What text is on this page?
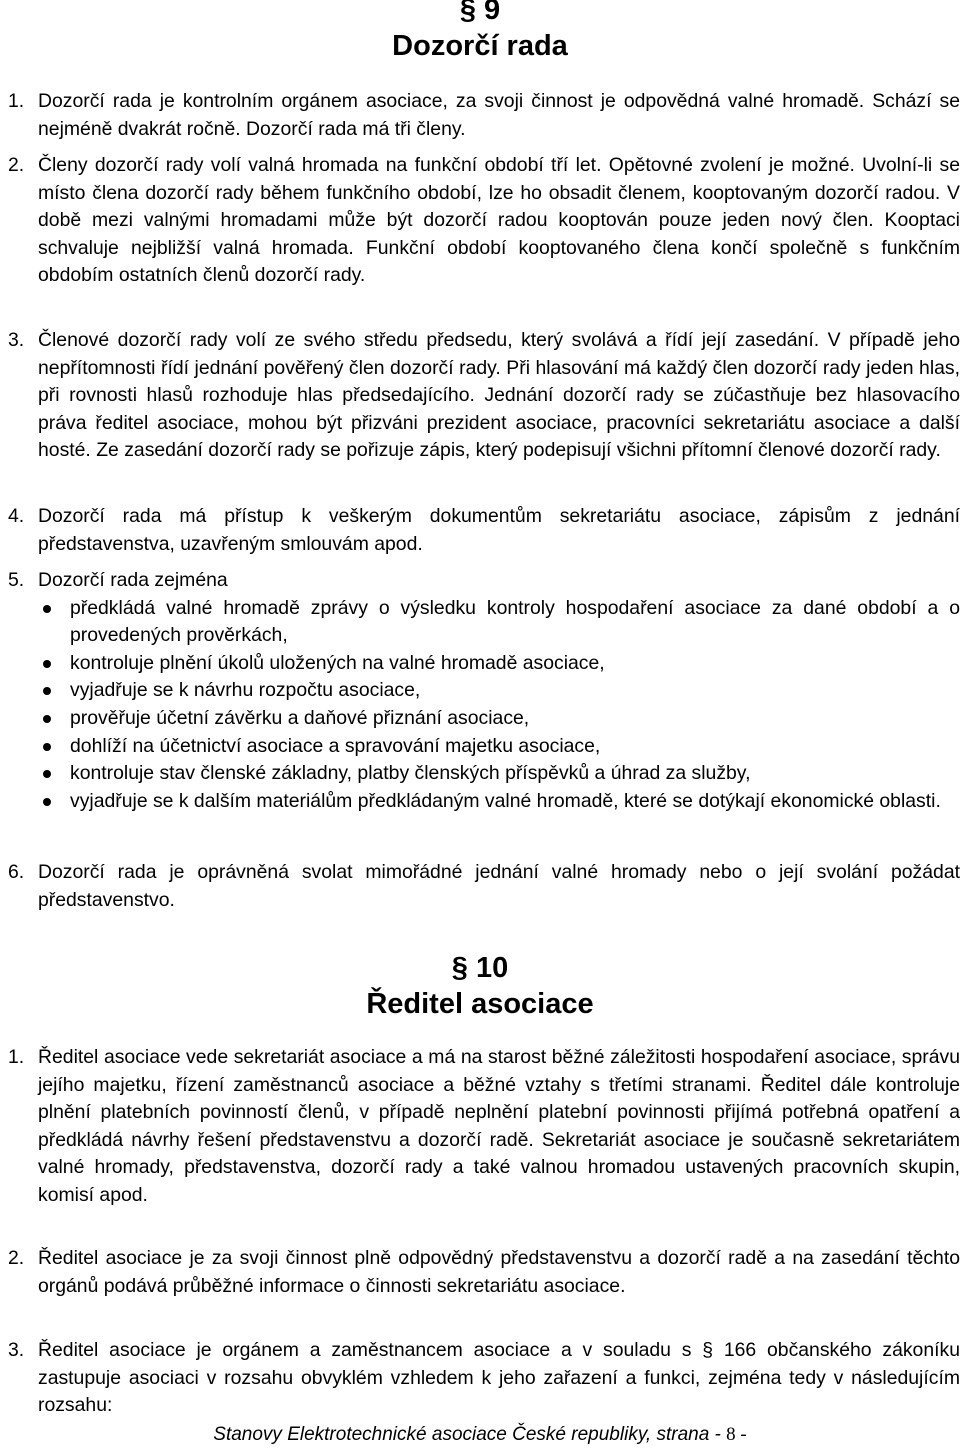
§ 9

Dozorčí rada

1. Dozorčí rada je kontrolním orgánem asociace, za svoji činnost je odpovědná valné hromadě. Schází se nejméně dvakrát ročně. Dozorčí rada má tři členy.
2. Členy dozorčí rady volí valná hromada na funkční období tří let. Opětovné zvolení je možné. Uvolní-li se místo člena dozorčí rady během funkčního období, lze ho obsadit členem, kooptovaným dozorčí radou. V době mezi valnými hromadami může být dozorčí radou kooptován pouze jeden nový člen. Kooptaci schvaluje nejbližší valná hromada. Funkční období kooptovaného člena končí společně s funkčním obdobím ostatních členů dozorčí rady.
3. Členové dozorčí rady volí ze svého středu předsedu, který svolává a řídí její zasedání. V případě jeho nepřítomnosti řídí jednání pověřený člen dozorčí rady. Při hlasování má každý člen dozorčí rady jeden hlas, při rovnosti hlasů rozhoduje hlas předsedajícího. Jednání dozorčí rady se zúčastňuje bez hlasovacího práva ředitel asociace, mohou být přizváni prezident asociace, pracovníci sekretariátu asociace a další hosté. Ze zasedání dozorčí rady se pořizuje zápis, který podepisují všichni přítomní členové dozorčí rady.
4. Dozorčí rada má přístup k veškerým dokumentům sekretariátu asociace, zápisům z jednání představenstva, uzavřeným smlouvám apod.
5. Dozorčí rada zejména
předkládá valné hromadě zprávy o výsledku kontroly hospodaření asociace za dané období a o provedených prověrkách,
kontroluje plnění úkolů uložených na valné hromadě asociace,
vyjadřuje se k návrhu rozpočtu asociace,
prověřuje účetní závěrku a daňové přiznání asociace,
dohlíží na účetnictví asociace a spravování majetku asociace,
kontroluje stav členské základny, platby členských příspěvků a úhrad za služby,
vyjadřuje se k dalším materiálům předkládaným valné hromadě, které se dotýkají ekonomické oblasti.
6. Dozorčí rada je oprávněná svolat mimořádné jednání valné hromady nebo o její svolání požádat představenstvo.

§ 10

Ředitel asociace

1. Ředitel asociace vede sekretariát asociace a má na starost běžné záležitosti hospodaření asociace, správu jejího majetku, řízení zaměstnanců asociace a běžné vztahy s třetími stranami. Ředitel dále kontroluje plnění platebních povinností členů, v případě neplnění platební povinnosti přijímá potřebná opatření a předkládá návrhy řešení představenstvu a dozorčí radě. Sekretariát asociace je současně sekretariátem valné hromady, představenstva, dozorčí rady a také valnou hromadou ustavených pracovních skupin, komisí apod.
2. Ředitel asociace je za svoji činnost plně odpovědný představenstvu a dozorčí radě a na zasedání těchto orgánů podává průběžné informace o činnosti sekretariátu asociace.
3. Ředitel asociace je orgánem a zaměstnancem asociace a v souladu s § 166 občanského zákoníku zastupuje asociaci v rozsahu obvyklém vzhledem k jeho zařazení a funkci, zejména tedy v následujícím rozsahu:
Stanovy Elektrotechnické asociace České republiky, strana - 8 -
